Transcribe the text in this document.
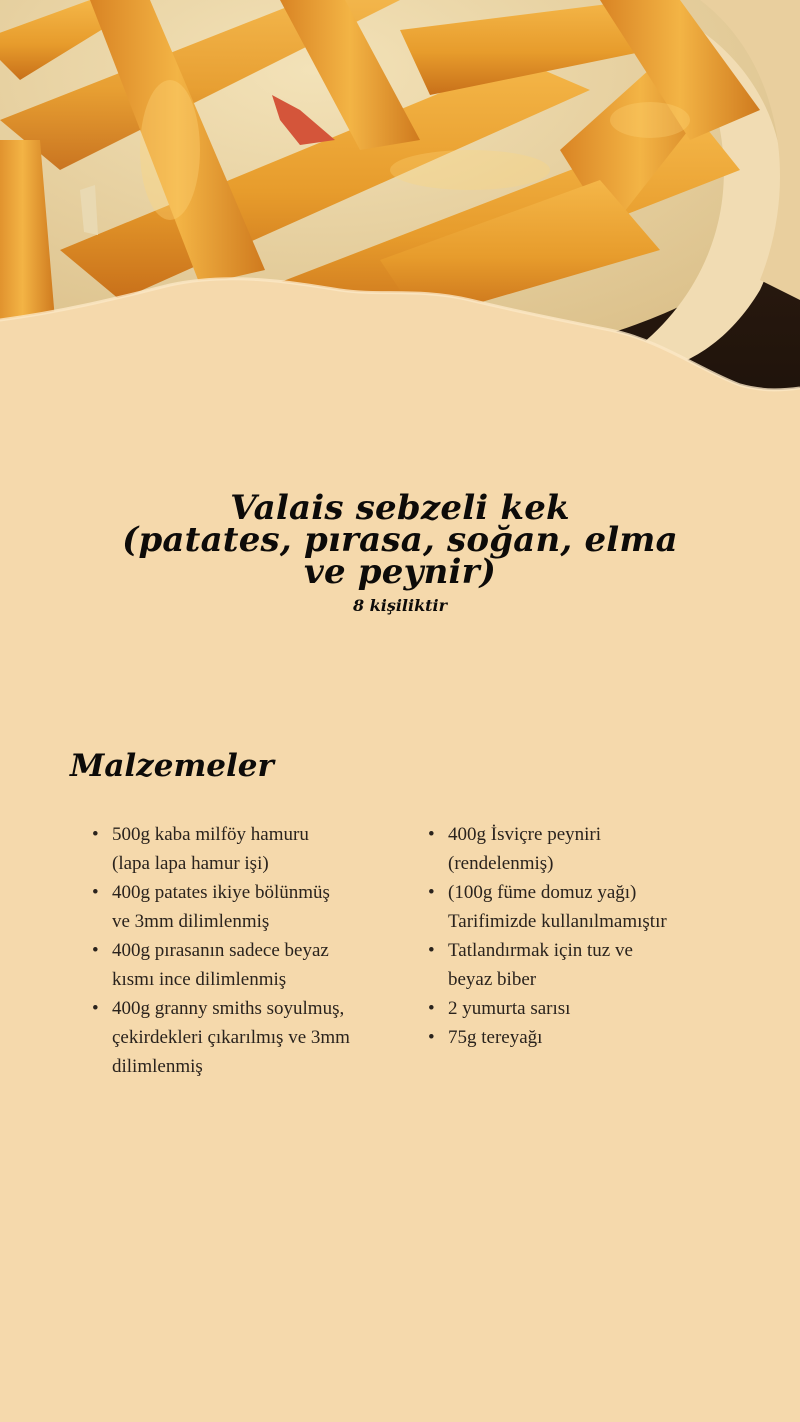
Valais sebzeli kek
(patates, pırasa, soğan, elma
ve peynir)
8 kişiliktir
Malzemeler
• 500g kaba milföy hamuru
(lapa lapa hamur işi)
• 400g patates ikiye bölünmüş
ve 3mm dilimlenmiş
• 400g pırasanın sadece beyaz
kısmı ince dilimlenmiş
• 400g granny smiths soyulmuş,
çekirdekleri çıkarılmış ve 3mm
dilimlenmiş
• 400g İsviçre peyniri
(rendelenmiş)
• (100g füme domuz yağı)
Tarifimizde kullanılmamıştır
• Tatlandırmak için tuz ve
beyaz biber
• 2 yumurta sarısı
• 75g tereyağı
